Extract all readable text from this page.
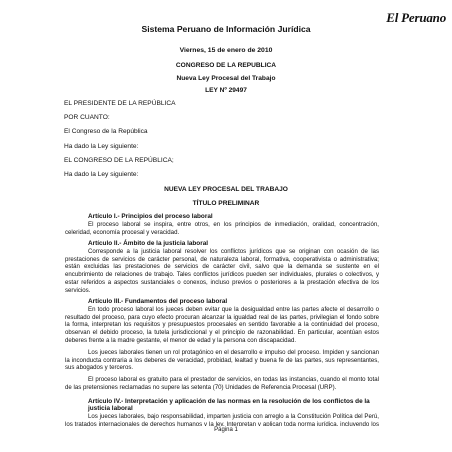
El Peruano
Sistema Peruano de Información Jurídica
Viernes, 15 de enero de 2010
CONGRESO DE LA REPUBLICA
Nueva Ley Procesal del Trabajo
LEY Nº 29497
EL PRESIDENTE DE LA REPÚBLICA
POR CUANTO:
El Congreso de la República
Ha dado la Ley siguiente:
EL CONGRESO DE LA REPÚBLICA;
Ha dado la Ley siguiente:
NUEVA LEY PROCESAL DEL TRABAJO
TÍTULO PRELIMINAR
Artículo I.- Principios del proceso laboral

El proceso laboral se inspira, entre otros, en los principios de inmediación, oralidad, concentración, celeridad, economía procesal y veracidad.

Artículo II.- Ámbito de la justicia laboral

Corresponde a la justicia laboral resolver los conflictos jurídicos que se originan con ocasión de las prestaciones de servicios de carácter personal, de naturaleza laboral, formativa, cooperativista o administrativa; están excluidas las prestaciones de servicios de carácter civil, salvo que la demanda se sustente en el encubrimiento de relaciones de trabajo. Tales conflictos jurídicos pueden ser individuales, plurales o colectivos, y estar referidos a aspectos sustanciales o conexos, incluso previos o posteriores a la prestación efectiva de los servicios.

Artículo III.- Fundamentos del proceso laboral

En todo proceso laboral los jueces deben evitar que la desigualdad entre las partes afecte el desarrollo o resultado del proceso, para cuyo efecto procuran alcanzar la igualdad real de las partes, privilegian el fondo sobre la forma, interpretan los requisitos y presupuestos procesales en sentido favorable a la continuidad del proceso, observan el debido proceso, la tutela jurisdiccional y el principio de razonabilidad. En particular, acentúan estos deberes frente a la madre gestante, el menor de edad y la persona con discapacidad.

Los jueces laborales tienen un rol protagónico en el desarrollo e impulso del proceso. Impiden y sancionan la inconducta contraria a los deberes de veracidad, probidad, lealtad y buena fe de las partes, sus representantes, sus abogados y terceros.

El proceso laboral es gratuito para el prestador de servicios, en todas las instancias, cuando el monto total de las pretensiones reclamadas no supere las setenta (70) Unidades de Referencia Procesal (URP).

Artículo IV.- Interpretación y aplicación de las normas en la resolución de los conflictos de la justicia laboral

Los jueces laborales, bajo responsabilidad, imparten justicia con arreglo a la Constitución Política del Perú, los tratados internacionales de derechos humanos y la ley. Interpretan y aplican toda norma jurídica, incluyendo los

Página 1
